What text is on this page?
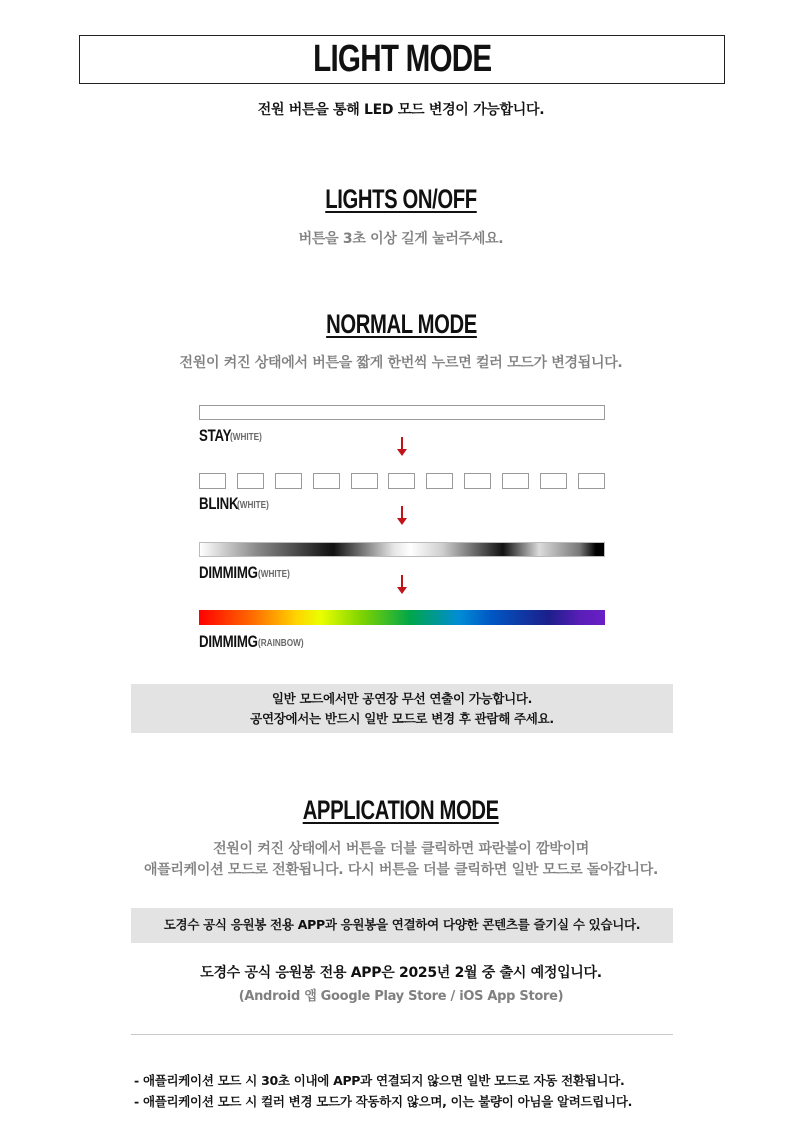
LIGHT MODE
전원 버튼을 통해 LED 모드 변경이 가능합니다.
LIGHTS ON/OFF
버튼을 3초 이상 길게 눌러주세요.
NORMAL MODE
전원이 켜진 상태에서 버튼을 짧게 한번씩 누르면 컬러 모드가 변경됩니다.
STAY
(WHITE)
BLINK
(WHITE)
DIMMIMG (WHITE)
DIMMIMG (RAINBOW)

일반 모드에서만 공연장 무선 연출이 가능합니다.

공연장에서는 반드시 일반 모드로 변경 후 관람해 주세요.

APPLICATION MODE
전원이 켜진 상태에서 버튼을 더블 클릭하면 파란불이 깜박이며
애플리케이션 모드로 전환됩니다. 다시 버튼을 더블 클릭하면 일반 모드로 돌아갑니다.

도경수 공식 응원봉 전용 APP과 응원봉을 연결하여 다양한 콘텐츠를 즐기실 수 있습니다.

도경수 공식 응원봉 전용 APP은 2025년 2월 중 출시 예정입니다.
(Android 앱 Google Play Store / iOS App Store)
- 애플리케이션 모드 시 30초 이내에 APP과 연결되지 않으면 일반 모드로 자동 전환됩니다.
- 애플리케이션 모드 시 컬러 변경 모드가 작동하지 않으며, 이는 불량이 아님을 알려드립니다.
